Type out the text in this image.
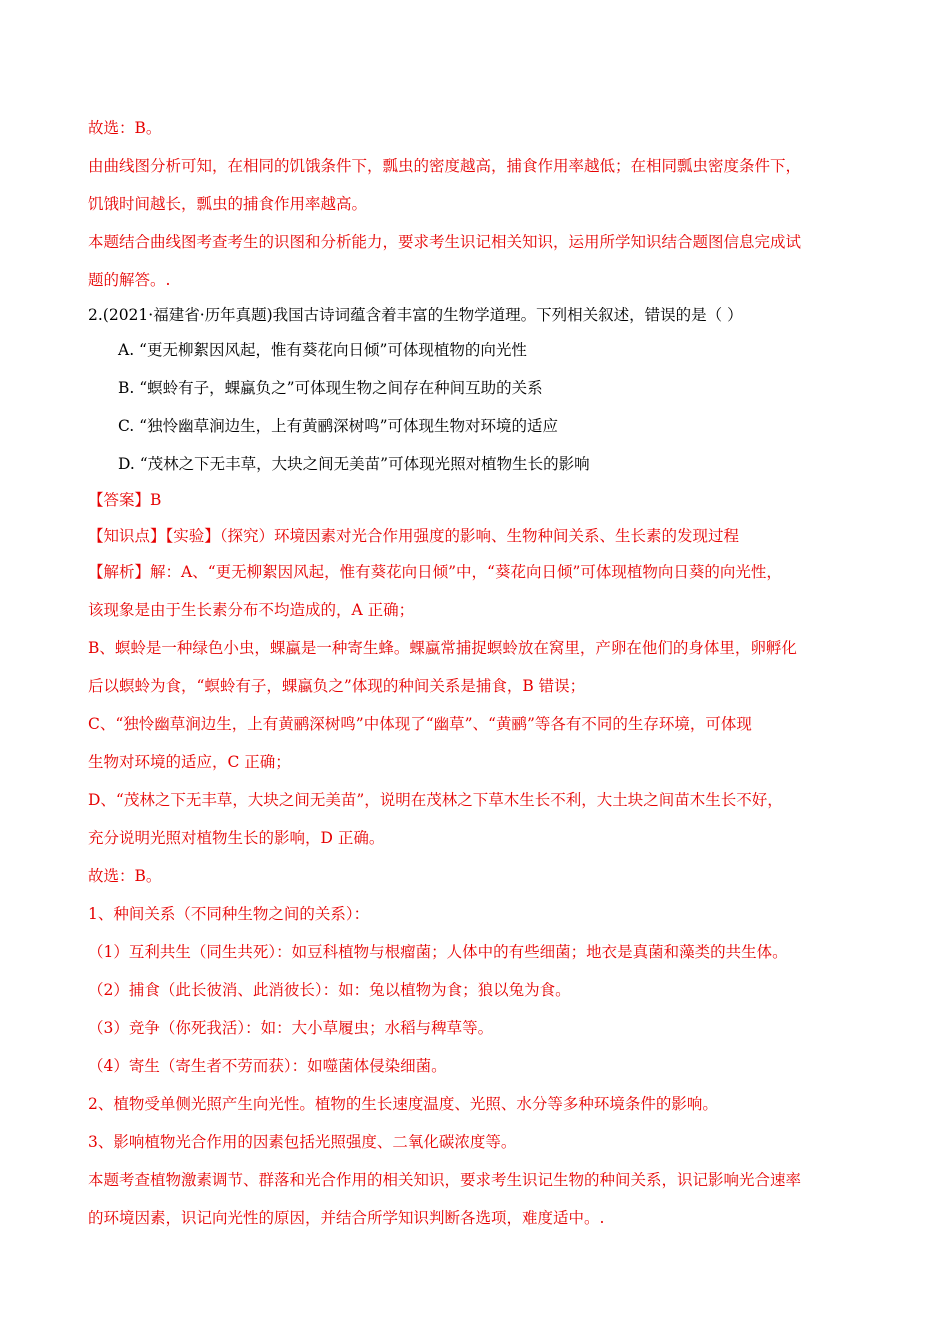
故选：B。
由曲线图分析可知，在相同的饥饿条件下，瓢虫的密度越高，捕食作用率越低；在相同瓢虫密度条件下，
饥饿时间越长，瓢虫的捕食作用率越高。
本题结合曲线图考查考生的识图和分析能力，要求考生识记相关知识，运用所学知识结合题图信息完成试
题的解答。.
2.(2021·福建省·历年真题)我国古诗词蕴含着丰富的生物学道理。下列相关叙述，错误的是（ ）
A. “更无柳絮因风起，惟有葵花向日倾”可体现植物的向光性
B. “螟蛉有子，蜾蠃负之”可体现生物之间存在种间互助的关系
C. “独怜幽草涧边生，上有黄鹂深树鸣”可体现生物对环境的适应
D. “茂林之下无丰草，大块之间无美苗”可体现光照对植物生长的影响
【答案】B
【知识点】【实验】（探究）环境因素对光合作用强度的影响、生物种间关系、生长素的发现过程
【解析】解：A、“更无柳絮因风起，惟有葵花向日倾”中，“葵花向日倾”可体现植物向日葵的向光性，
该现象是由于生长素分布不均造成的，A 正确；
B、螟蛉是一种绿色小虫，蜾蠃是一种寄生蜂。蜾蠃常捕捉螟蛉放在窝里，产卵在他们的身体里，卵孵化
后以螟蛉为食，“螟蛉有子，蜾蠃负之”体现的种间关系是捕食，B 错误；
C、“独怜幽草涧边生，上有黄鹂深树鸣”中体现了“幽草”、“黄鹂”等各有不同的生存环境，可体现
生物对环境的适应，C 正确；
D、“茂林之下无丰草，大块之间无美苗”，说明在茂林之下草木生长不利，大土块之间苗木生长不好，
充分说明光照对植物生长的影响，D 正确。
故选：B。
1、种间关系（不同种生物之间的关系）：
（1）互利共生（同生共死）：如豆科植物与根瘤菌；人体中的有些细菌；地衣是真菌和藻类的共生体。
（2）捕食（此长彼消、此消彼长）：如：兔以植物为食；狼以兔为食。
（3）竞争（你死我活）：如：大小草履虫；水稻与稗草等。
（4）寄生（寄生者不劳而获）：如噬菌体侵染细菌。
2、植物受单侧光照产生向光性。植物的生长速度温度、光照、水分等多种环境条件的影响。
3、影响植物光合作用的因素包括光照强度、二氧化碳浓度等。
本题考查植物激素调节、群落和光合作用的相关知识，要求考生识记生物的种间关系，识记影响光合速率
的环境因素，识记向光性的原因，并结合所学知识判断各选项，难度适中。.
